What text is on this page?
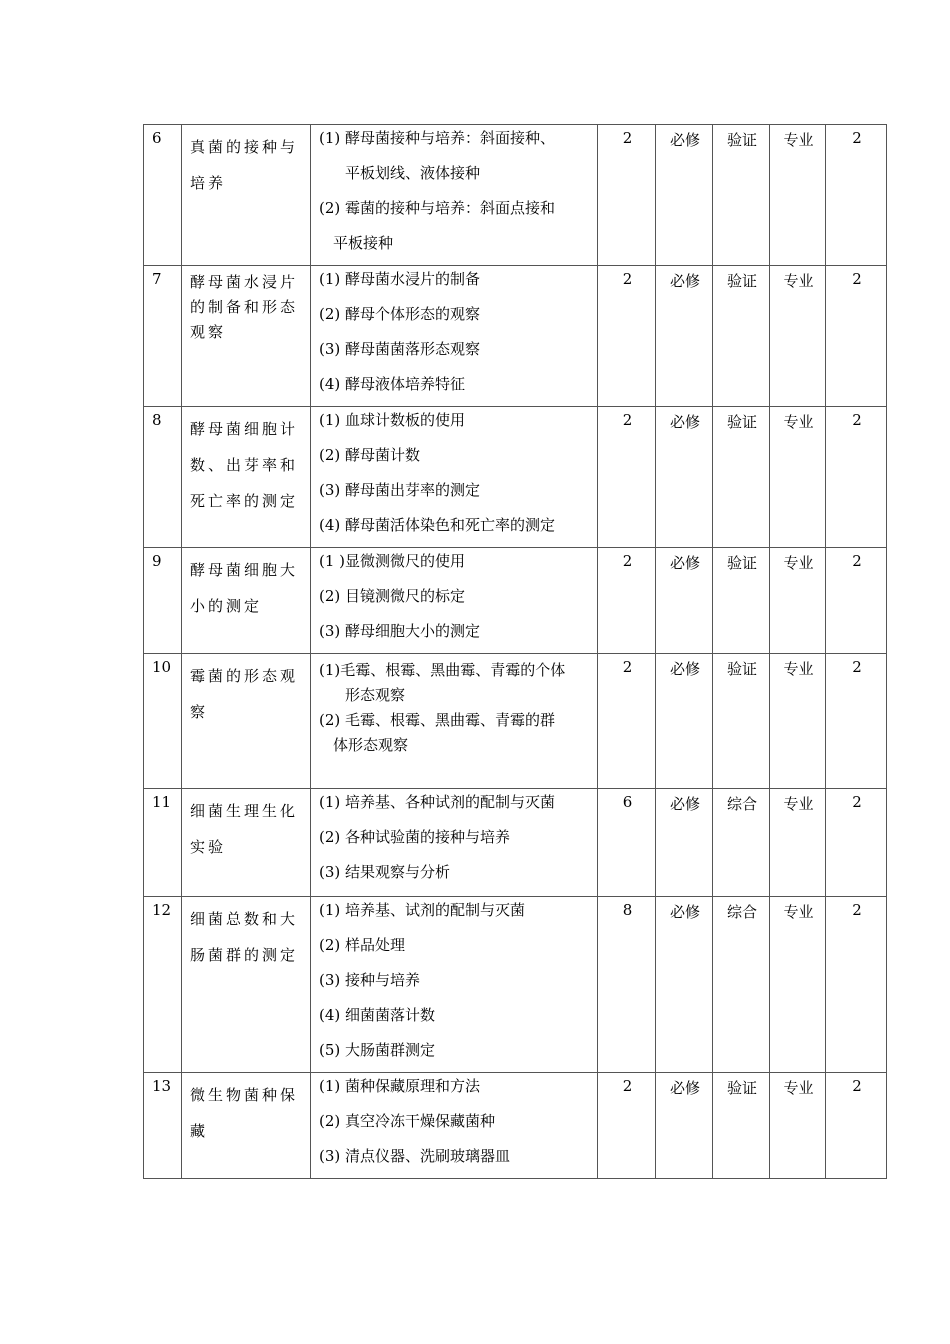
6	真菌的接种与培养	(1) 酵母菌接种与培养：斜面接种、
平板划线、液体接种
(2) 霉菌的接种与培养：斜面点接和
平板接种	2	必修	验证	专业	2
7	酵母菌水浸片的制备和形态观察	(1) 酵母菌水浸片的制备
(2) 酵母个体形态的观察
(3) 酵母菌菌落形态观察
(4) 酵母液体培养特征	2	必修	验证	专业	2
8	酵母菌细胞计数、出芽率和死亡率的测定	(1) 血球计数板的使用
(2) 酵母菌计数
(3) 酵母菌出芽率的测定
(4) 酵母菌活体染色和死亡率的测定	2	必修	验证	专业	2
9	酵母菌细胞大小的测定	(1 )显微测微尺的使用
(2) 目镜测微尺的标定
(3) 酵母细胞大小的测定	2	必修	验证	专业	2
10	霉菌的形态观察	(1)毛霉、根霉、黑曲霉、青霉的个体
形态观察
(2) 毛霉、根霉、黑曲霉、青霉的群
体形态观察	2	必修	验证	专业	2
11	细菌生理生化实验	(1) 培养基、各种试剂的配制与灭菌
(2) 各种试验菌的接种与培养
(3) 结果观察与分析	6	必修	综合	专业	2
12	细菌总数和大肠菌群的测定	(1) 培养基、试剂的配制与灭菌
(2) 样品处理
(3) 接种与培养
(4) 细菌菌落计数
(5) 大肠菌群测定	8	必修	综合	专业	2
13	微生物菌种保藏	(1) 菌种保藏原理和方法
(2) 真空冷冻干燥保藏菌种
(3) 清点仪器、洗刷玻璃器皿	2	必修	验证	专业	2
